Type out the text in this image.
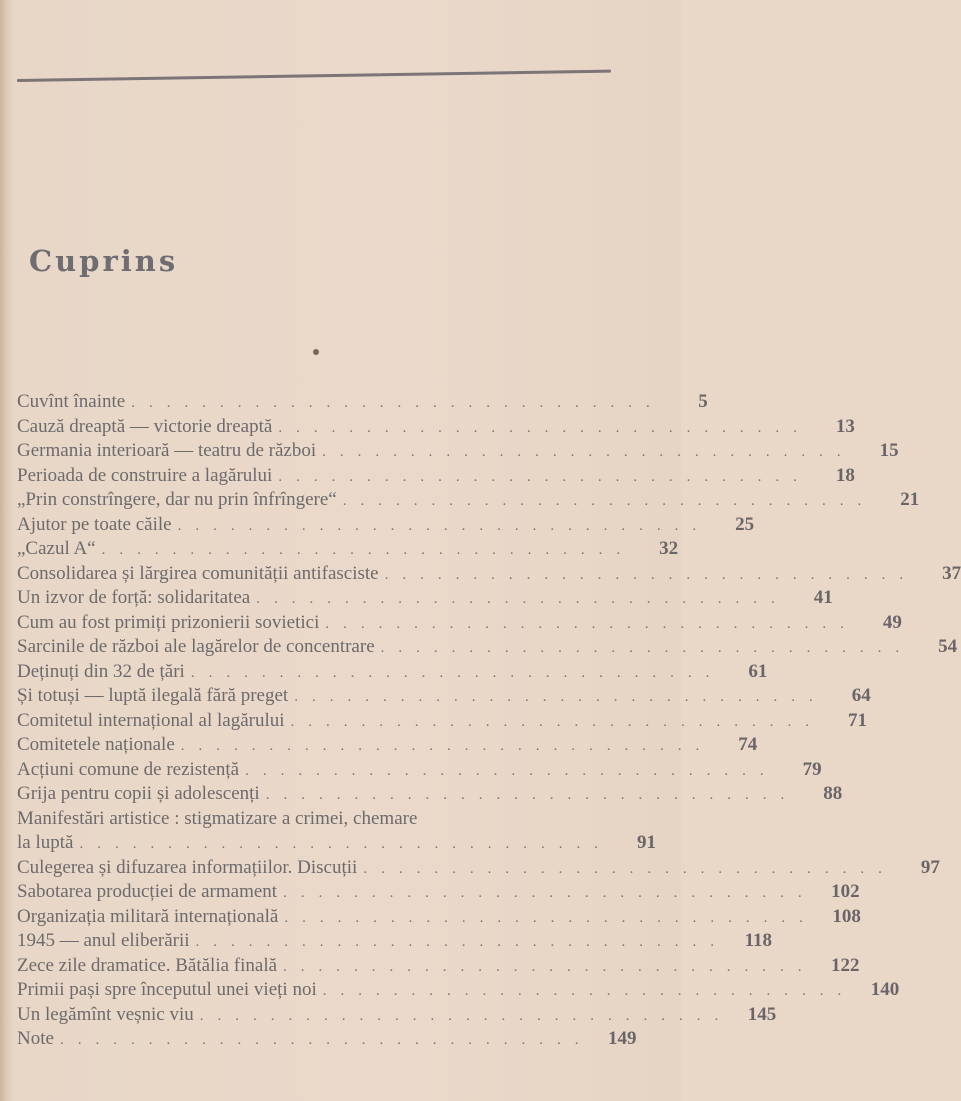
Cuprins
Cuvînt înainte ..............................	5
Cauză dreaptă — victorie dreaptă ..............................	13
Germania interioară — teatru de război ..............................	15
Perioada de construire a lagărului ..............................	18
„Prin constrîngere, dar nu prin înfrîngere“ ..............................	21
Ajutor pe toate căile ..............................	25
„Cazul A“ ..............................	32
Consolidarea și lărgirea comunității antifasciste ..............................	37
Un izvor de forță: solidaritatea ..............................	41
Cum au fost primiți prizonierii sovietici ..............................	49
Sarcinile de război ale lagărelor de concentrare ..............................	54
Deținuți din 32 de țări ..............................	61
Și totuși — luptă ilegală fără preget ..............................	64
Comitetul internațional al lagărului ..............................	71
Comitetele naționale ..............................	74
Acțiuni comune de rezistență ..............................	79
Grija pentru copii și adolescenți ..............................	88
Manifestări artistice : stigmatizare a crimei, chemare
la luptă ..............................	91
Culegerea și difuzarea informațiilor. Discuții ..............................	97
Sabotarea producției de armament .............................. 102
Organizația militară internațională .............................. 108
1945 — anul eliberării .............................. 118
Zece zile dramatice. Bătălia finală .............................. 122
Primii pași spre începutul unei vieți noi .............................. 140
Un legămînt veșnic viu .............................. 145
Note .............................. 149
